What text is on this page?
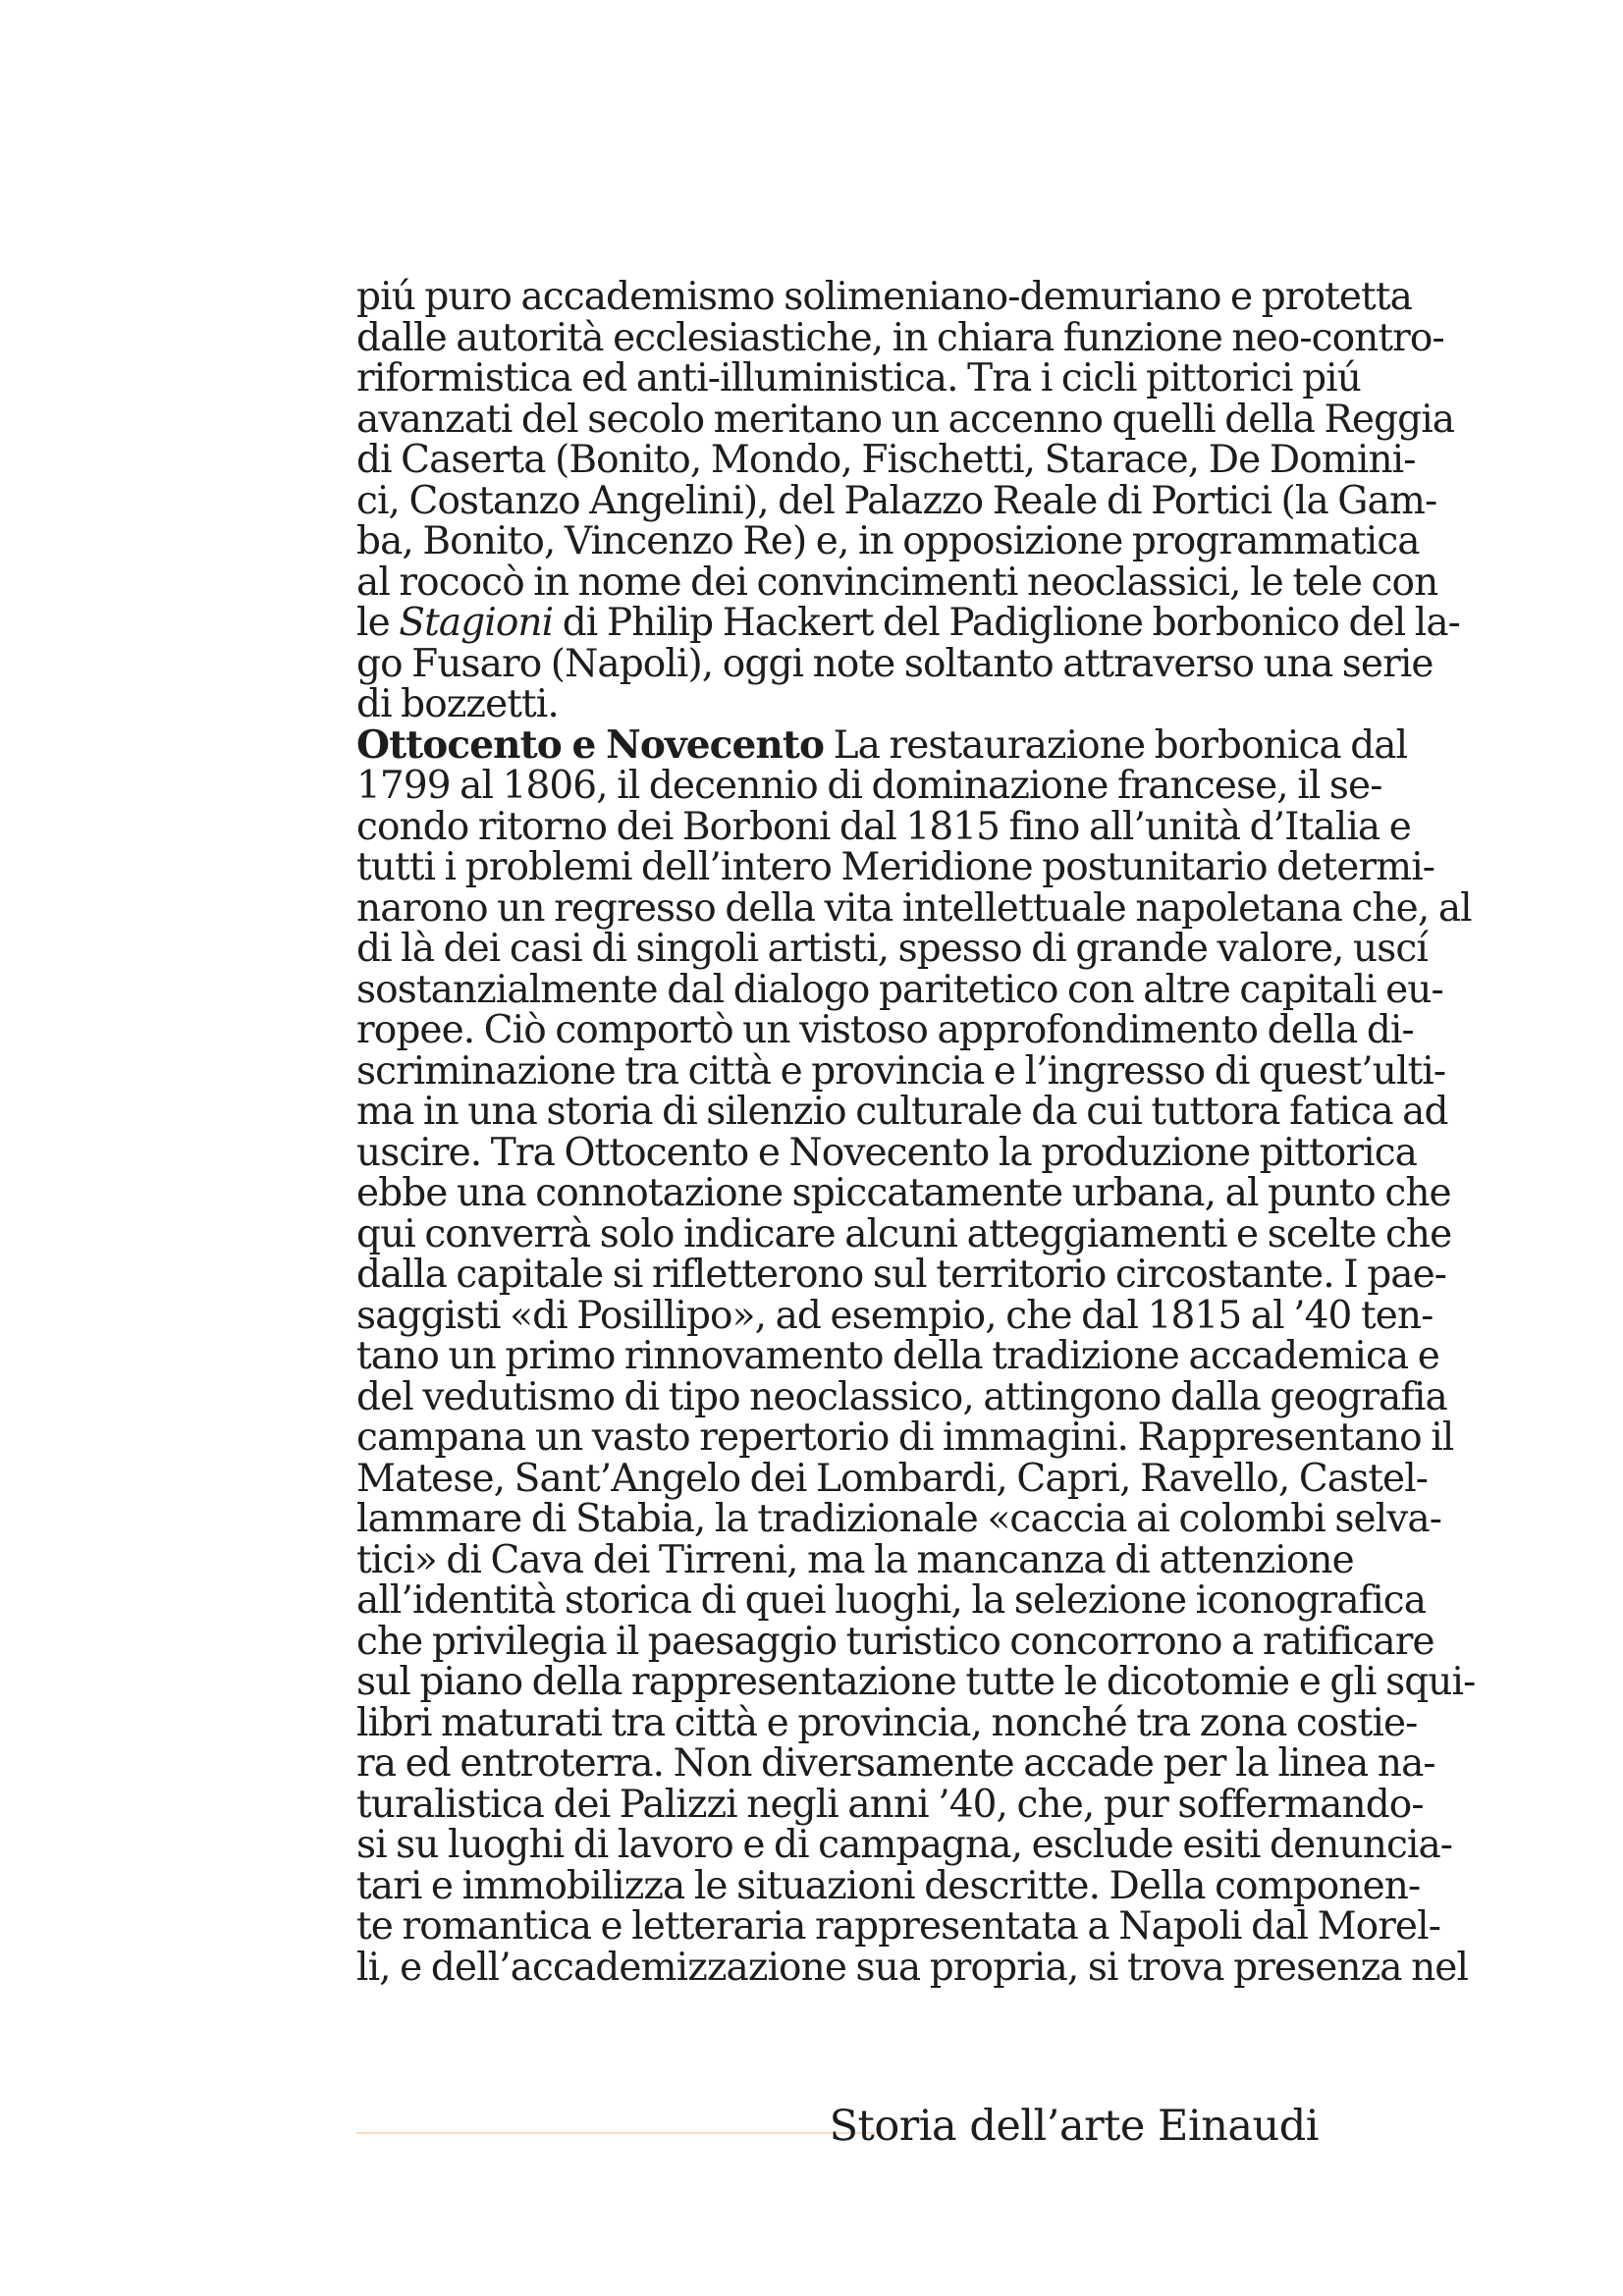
piú puro accademismo solimeniano-demuriano e protetta
dalle autorità ecclesiastiche, in chiara funzione neo-contro-
riformistica ed anti-illuministica. Tra i cicli pittorici piú
avanzati del secolo meritano un accenno quelli della Reggia
di Caserta (Bonito, Mondo, Fischetti, Starace, De Domini-
ci, Costanzo Angelini), del Palazzo Reale di Portici (la Gam-
ba, Bonito, Vincenzo Re) e, in opposizione programmatica
al rococò in nome dei convincimenti neoclassici, le tele con
le Stagioni di Philip Hackert del Padiglione borbonico del la-
go Fusaro (Napoli), oggi note soltanto attraverso una serie
di bozzetti.
Ottocento e Novecento La restaurazione borbonica dal
1799 al 1806, il decennio di dominazione francese, il se-
condo ritorno dei Borboni dal 1815 fino all’unità d’Italia e
tutti i problemi dell’intero Meridione postunitario determi-
narono un regresso della vita intellettuale napoletana che, al
di là dei casi di singoli artisti, spesso di grande valore, uscí
sostanzialmente dal dialogo paritetico con altre capitali eu-
ropee. Ciò comportò un vistoso approfondimento della di-
scriminazione tra città e provincia e l’ingresso di quest’ulti-
ma in una storia di silenzio culturale da cui tuttora fatica ad
uscire. Tra Ottocento e Novecento la produzione pittorica
ebbe una connotazione spiccatamente urbana, al punto che
qui converrà solo indicare alcuni atteggiamenti e scelte che
dalla capitale si rifletterono sul territorio circostante. I pae-
saggisti «di Posillipo», ad esempio, che dal 1815 al ’40 ten-
tano un primo rinnovamento della tradizione accademica e
del vedutismo di tipo neoclassico, attingono dalla geografia
campana un vasto repertorio di immagini. Rappresentano il
Matese, Sant’Angelo dei Lombardi, Capri, Ravello, Castel-
lammare di Stabia, la tradizionale «caccia ai colombi selva-
tici» di Cava dei Tirreni, ma la mancanza di attenzione
all’identità storica di quei luoghi, la selezione iconografica
che privilegia il paesaggio turistico concorrono a ratificare
sul piano della rappresentazione tutte le dicotomie e gli squi-
libri maturati tra città e provincia, nonché tra zona costie-
ra ed entroterra. Non diversamente accade per la linea na-
turalistica dei Palizzi negli anni ’40, che, pur soffermando-
si su luoghi di lavoro e di campagna, esclude esiti denuncia-
tari e immobilizza le situazioni descritte. Della componen-
te romantica e letteraria rappresentata a Napoli dal Morel-
li, e dell’accademizzazione sua propria, si trova presenza nel
Storia dell’arte Einaudi
